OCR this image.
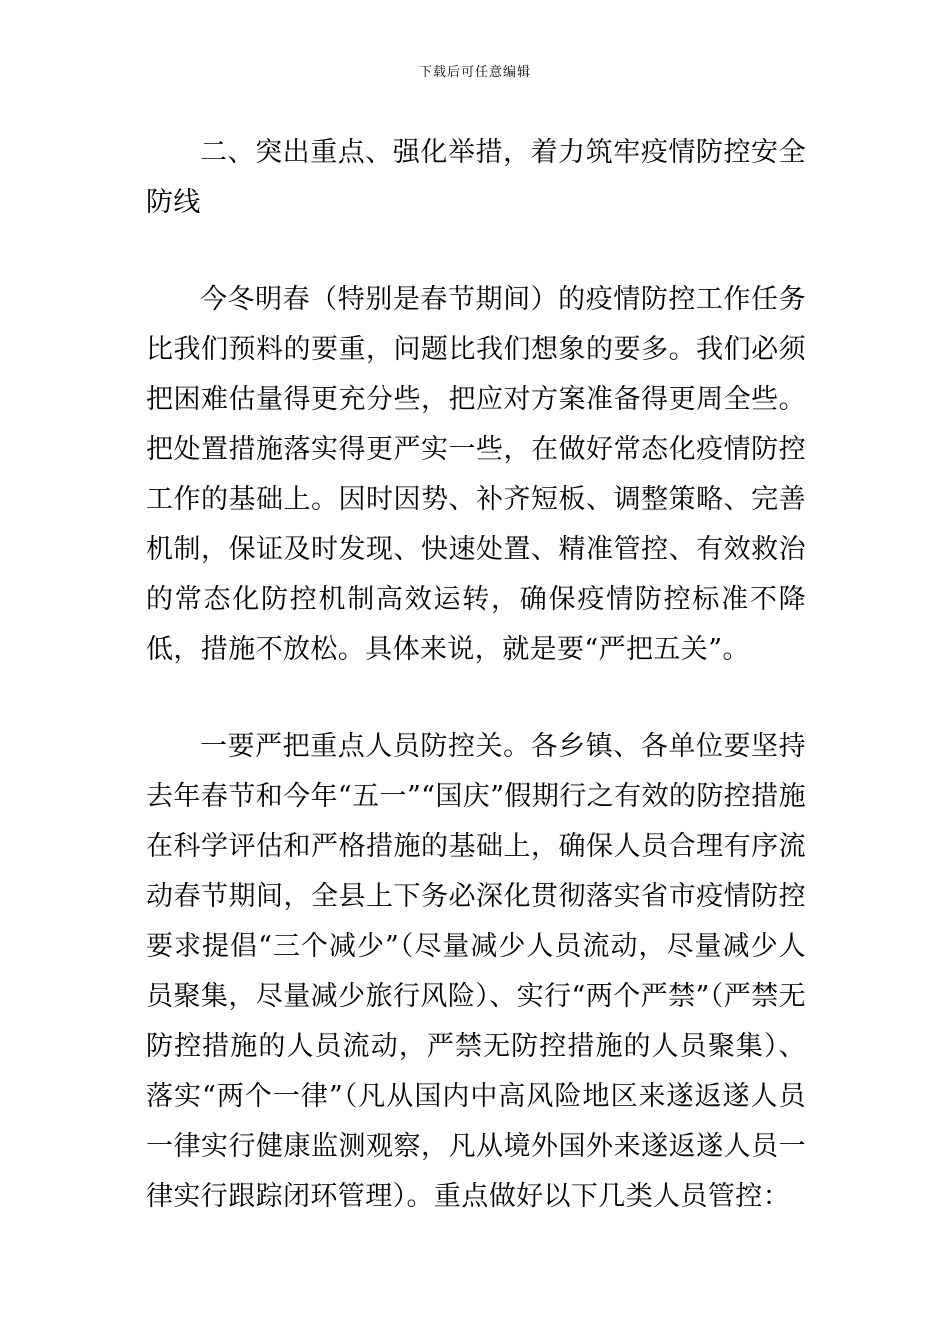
下载后可任意编辑

二、突出重点、强化举措，着力筑牢疫情防控安全防线

今冬明春（特别是春节期间）的疫情防控工作任务比我们预料的要重，问题比我们想象的要多。我们必须把困难估量得更充分些，把应对方案准备得更周全些。把处置措施落实得更严实一些，在做好常态化疫情防控工作的基础上。因时因势、补齐短板、调整策略、完善机制，保证及时发现、快速处置、精准管控、有效救治的常态化防控机制高效运转，确保疫情防控标准不降低，措施不放松。具体来说，就是要“严把五关”。

一要严把重点人员防控关。各乡镇、各单位要坚持去年春节和今年“五一”“国庆”假期行之有效的防控措施在科学评估和严格措施的基础上，确保人员合理有序流动春节期间，全县上下务必深化贯彻落实省市疫情防控要求提倡“三个减少”（尽量减少人员流动，尽量减少人员聚集，尽量减少旅行风险）、实行“两个严禁”（严禁无防控措施的人员流动，严禁无防控措施的人员聚集）、落实“两个一律”（凡从国内中高风险地区来遂返遂人员一律实行健康监测观察，凡从境外国外来遂返遂人员一律实行跟踪闭环管理）。重点做好以下几类人员管控：
